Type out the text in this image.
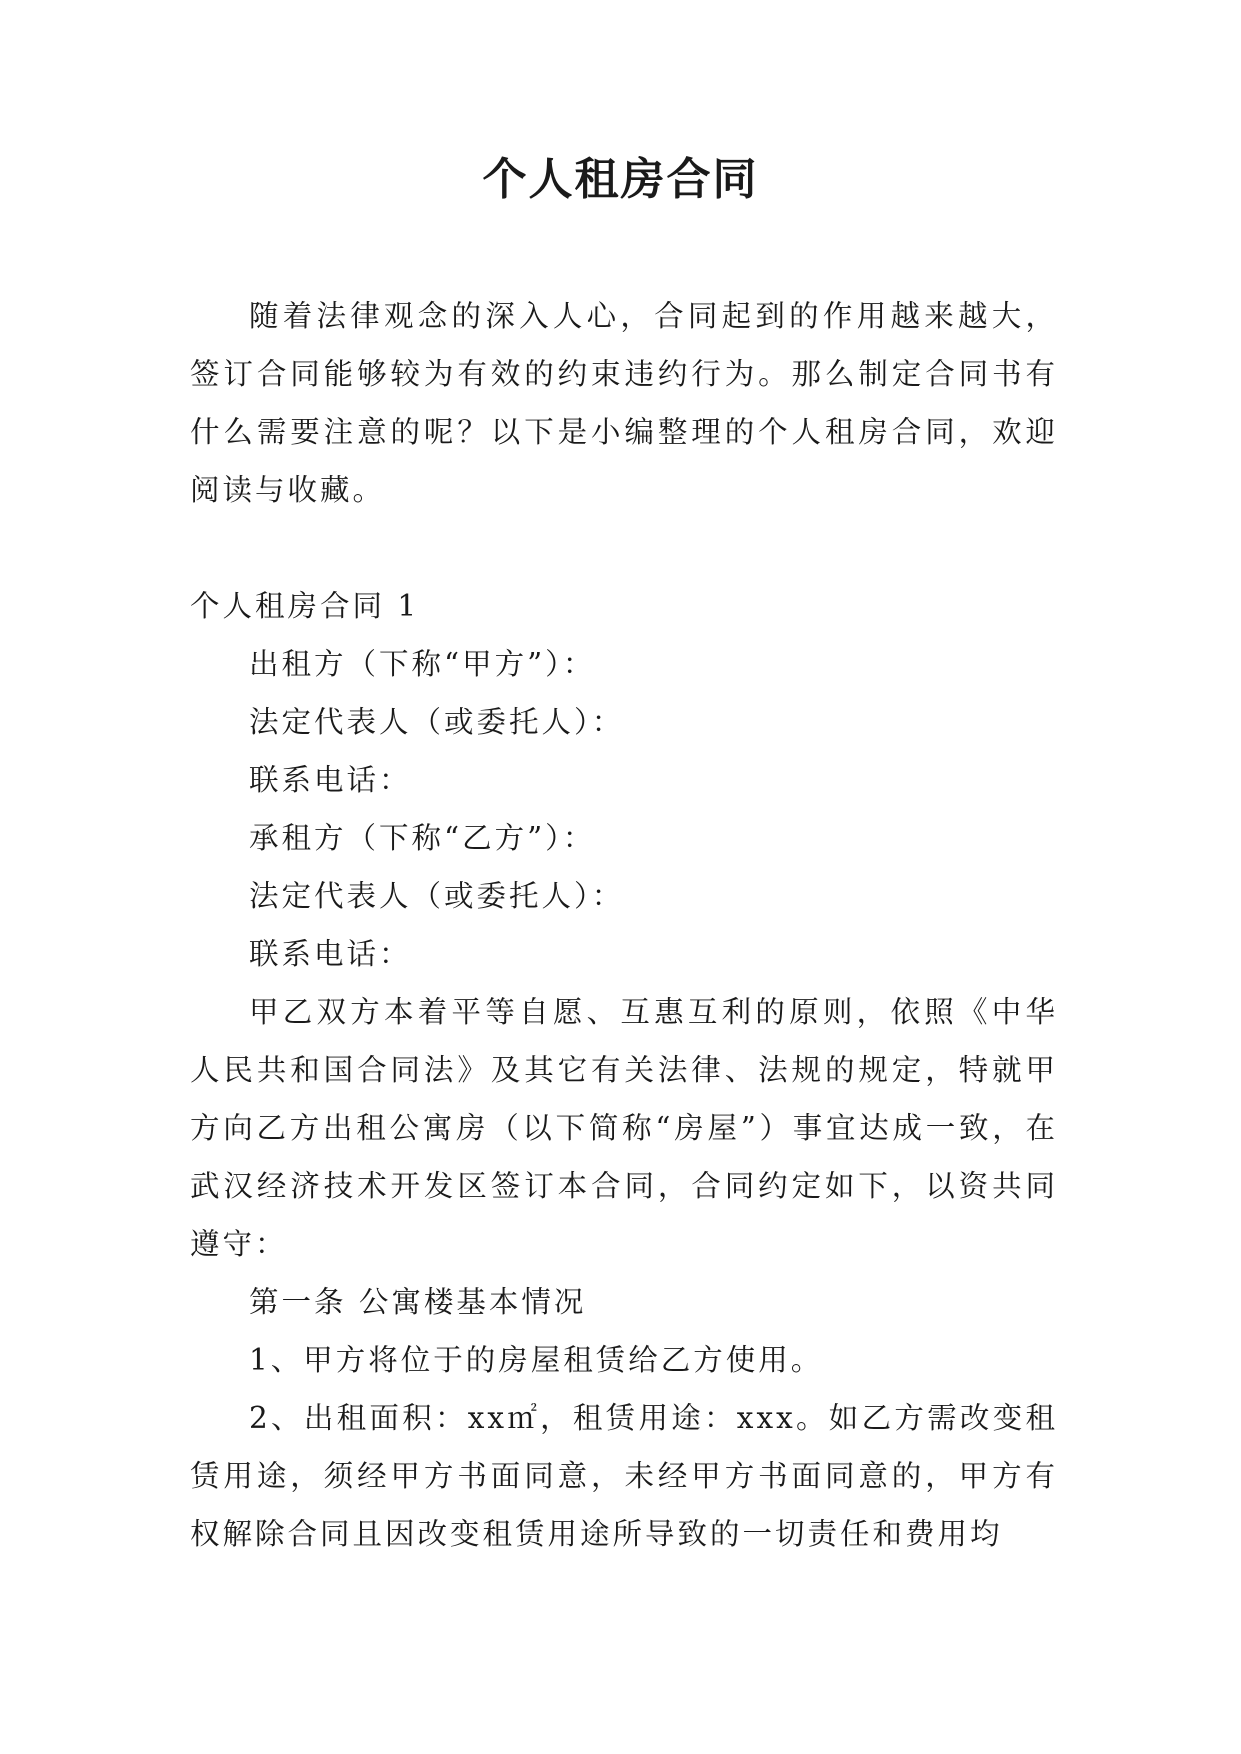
个人租房合同

随着法律观念的深入人心，合同起到的作用越来越大，签订合同能够较为有效的约束违约行为。那么制定合同书有什么需要注意的呢？以下是小编整理的个人租房合同，欢迎阅读与收藏。

个人租房合同 1

出租方（下称“甲方”）：

法定代表人（或委托人）：

联系电话：

承租方（下称“乙方”）：

法定代表人（或委托人）：

联系电话：

甲乙双方本着平等自愿、互惠互利的原则，依照《中华人民共和国合同法》及其它有关法律、法规的规定，特就甲方向乙方出租公寓房（以下简称“房屋”）事宜达成一致，在武汉经济技术开发区签订本合同，合同约定如下，以资共同遵守：

第一条 公寓楼基本情况

1、甲方将位于的房屋租赁给乙方使用。

2、出租面积：xx㎡，租赁用途：xxx。如乙方需改变租赁用途，须经甲方书面同意，未经甲方书面同意的，甲方有权解除合同且因改变租赁用途所导致的一切责任和费用均
